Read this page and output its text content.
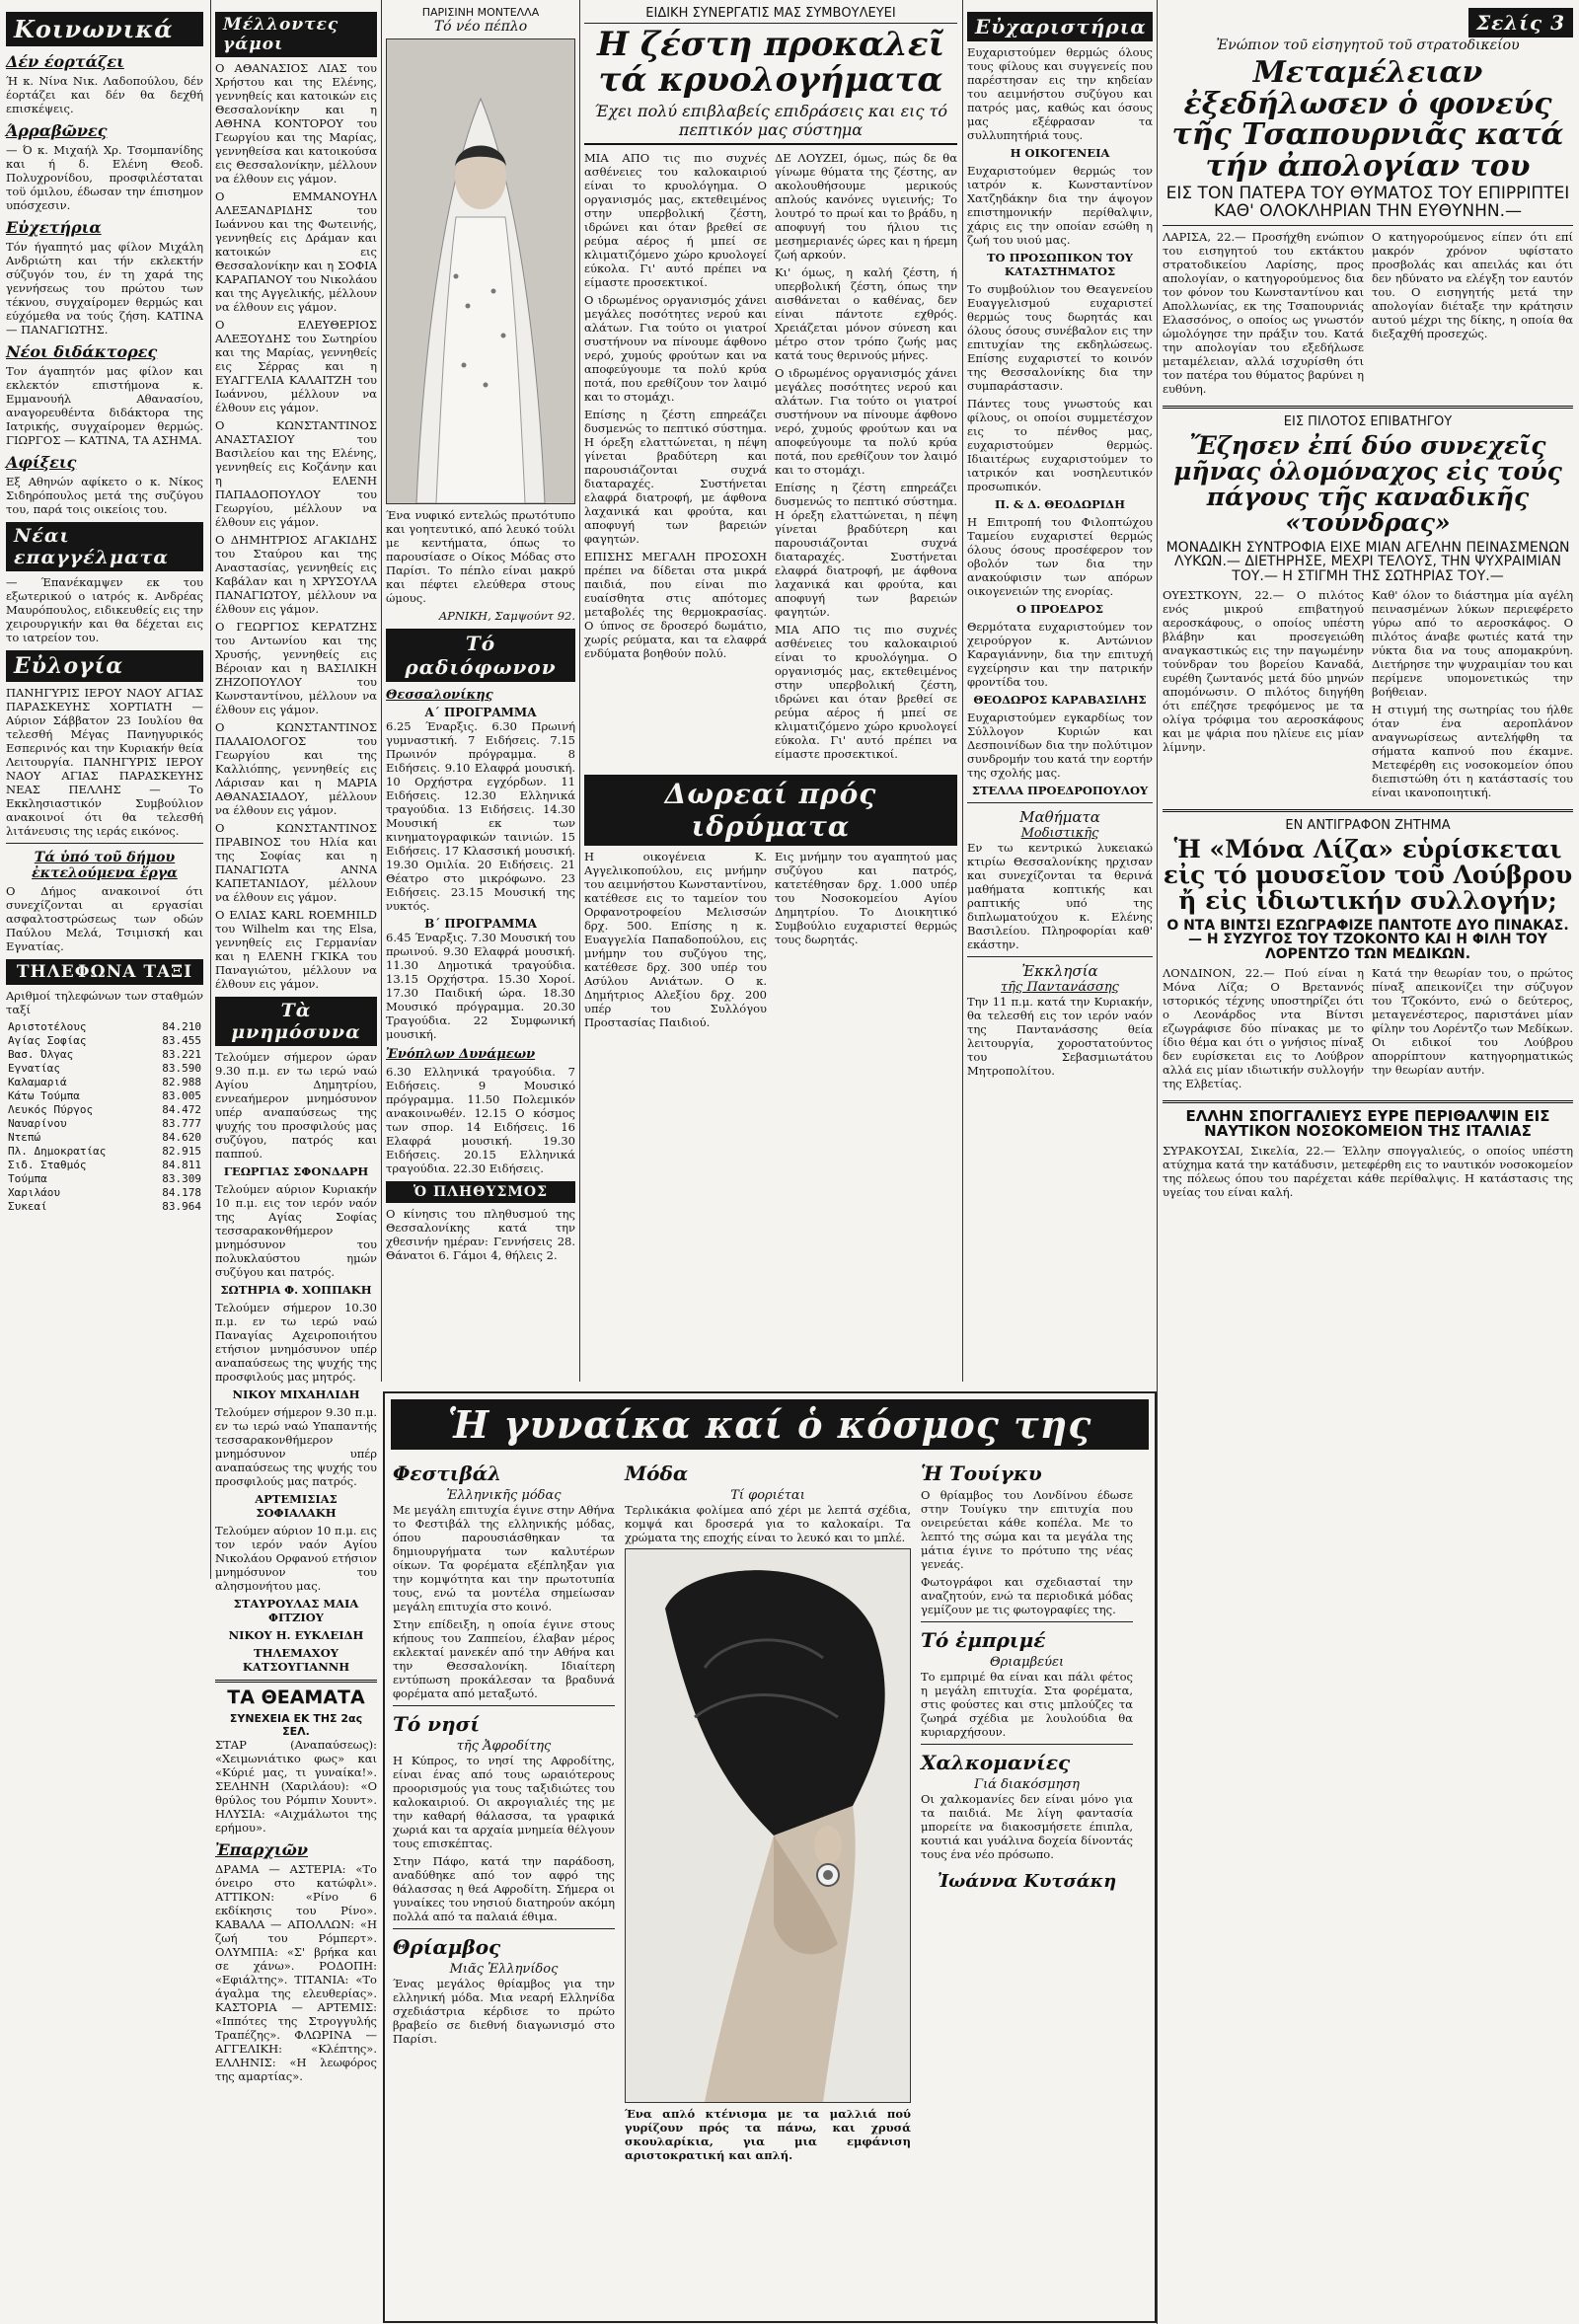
Κοινωνικά
Δέν έορτάζει

Ή κ. Νίνα Νικ. Λαδοπούλου, δέν έορτάζει και δέν θα δεχθή επισκέψεις.

Άρραβῶνες

— Ό κ. Μιχαήλ Χρ. Τσομπανίδης και ή δ. Ελένη Θεοδ. Πολυχρονίδου, προσφιλέσταται τοϋ όμιλου, έδωσαν την έπισημον υπόσχεσιν.

Εὐχετήρια

Τόν ήγαπητό μας φίλον Μιχάλη Ανδριώτη και τήν εκλεκτήν σύζυγόν του, έν τη χαρά της γεννήσεως του πρώτου των τέκνου, συγχαίρομεν θερμώς και εύχόμεθα να τούς ζήση. ΚΑΤΙΝΑ — ΠΑΝΑΓΙΩΤΗΣ.

Νέοι διδάκτορες

Τον άγαπητόν μας φίλον και εκλεκτόν επιστήμονα κ. Εμμανουήλ Αθανασίου, αναγορευθέντα διδάκτορα της Ιατρικής, συγχαίρομεν θερμώς. ΓΙΩΡΓΟΣ — ΚΑΤΙΝΑ, ΤΑ ΑΣΗΜΑ.

Αφίξεις

Εξ Αθηνών αφίκετο ο κ. Νίκος Σιδηρόπουλος μετά της συζύγου του, παρά τοις οικείοις του.

Νέαι επαγγέλματα

— Έπανέκαμψεν εκ του εξωτερικού ο ιατρός κ. Ανδρέας Μαυρόπουλος, ειδικευθείς εις την χειρουργικήν και θα δέχεται εις το ιατρείον του.

Εὐλογία

ΠΑΝΗΓΥΡΙΣ ΙΕΡΟΥ ΝΑΟΥ ΑΓΙΑΣ ΠΑΡΑΣΚΕΥΗΣ ΧΟΡΤΙΑΤΗ — Αύριον Σάββατον 23 Ιουλίου θα τελεσθή Μέγας Πανηγυρικός Εσπερινός και την Κυριακήν θεία Λειτουργία. ΠΑΝΗΓΥΡΙΣ ΙΕΡΟΥ ΝΑΟΥ ΑΓΙΑΣ ΠΑΡΑΣΚΕΥΗΣ ΝΕΑΣ ΠΕΛΛΗΣ — Το Εκκλησιαστικόν Συμβούλιον ανακοινοί ότι θα τελεσθή λιτάνευσις της ιεράς εικόνος.

Τά ὑπό τοῦ δήμου ἐκτελούμενα ἔργα

Ο Δήμος ανακοινοί ότι συνεχίζονται αι εργασίαι ασφαλτοστρώσεως των οδών Παύλου Μελά, Τσιμισκή και Εγνατίας.

ΤΗΛΕΦΩΝΑ ΤΑΞΙ

Αριθμοί τηλεφώνων των σταθμών ταξί

Αριστοτέλους	84.210
Αγίας Σοφίας	83.455
Βασ. Όλγας	83.221
Εγνατίας	83.590
Καλαμαριά	82.988
Κάτω Τούμπα	83.005
Λευκός Πύργος	84.472
Ναυαρίνου	83.777
Ντεπώ	84.620
Πλ. Δημοκρατίας	82.915
Σιδ. Σταθμός	84.811
Τούμπα	83.309
Χαριλάου	84.178
Συκεαί	83.964
Μέλλοντες γάμοι

Ο ΑΘΑΝΑΣΙΟΣ ΛΙΑΣ του Χρήστου και της Ελένης, γεννηθείς και κατοικών εις Θεσσαλονίκην και η ΑΘΗΝΑ ΚΟΝΤΟΡΟΥ του Γεωργίου και της Μαρίας, γεννηθείσα και κατοικούσα εις Θεσσαλονίκην, μέλλουν να έλθουν εις γάμον.

Ο ΕΜΜΑΝΟΥΗΛ ΑΛΕΞΑΝΔΡΙΔΗΣ του Ιωάννου και της Φωτεινής, γεννηθείς εις Δράμαν και κατοικών εις Θεσσαλονίκην και η ΣΟΦΙΑ ΚΑΡΑΠΑΝΟΥ του Νικολάου και της Αγγελικής, μέλλουν να έλθουν εις γάμον.

Ο ΕΛΕΥΘΕΡΙΟΣ ΑΛΕΞΟΥΔΗΣ του Σωτηρίου και της Μαρίας, γεννηθείς εις Σέρρας και η ΕΥΑΓΓΕΛΙΑ ΚΑΛΑΙΤΖΗ του Ιωάννου, μέλλουν να έλθουν εις γάμον.

Ο ΚΩΝΣΤΑΝΤΙΝΟΣ ΑΝΑΣΤΑΣΙΟΥ του Βασιλείου και της Ελένης, γεννηθείς εις Κοζάνην και η ΕΛΕΝΗ ΠΑΠΑΔΟΠΟΥΛΟΥ του Γεωργίου, μέλλουν να έλθουν εις γάμον.

Ο ΔΗΜΗΤΡΙΟΣ ΑΓΑΚΙΔΗΣ του Σταύρου και της Αναστασίας, γεννηθείς εις Καβάλαν και η ΧΡΥΣΟΥΛΑ ΠΑΝΑΓΙΩΤΟΥ, μέλλουν να έλθουν εις γάμον.

Ο ΓΕΩΡΓΙΟΣ ΚΕΡΑΤΖΗΣ του Αντωνίου και της Χρυσής, γεννηθείς εις Βέροιαν και η ΒΑΣΙΛΙΚΗ ΖΗΖΟΠΟΥΛΟΥ του Κωνσταντίνου, μέλλουν να έλθουν εις γάμον.

Ο ΚΩΝΣΤΑΝΤΙΝΟΣ ΠΑΛΑΙΟΛΟΓΟΣ του Γεωργίου και της Καλλιόπης, γεννηθείς εις Λάρισαν και η ΜΑΡΙΑ ΑΘΑΝΑΣΙΑΔΟΥ, μέλλουν να έλθουν εις γάμον.

Ο ΚΩΝΣΤΑΝΤΙΝΟΣ ΠΡΑΒΙΝΟΣ του Ηλία και της Σοφίας και η ΠΑΝΑΓΙΩΤΑ ΑΝΝΑ ΚΑΠΕΤΑΝΙΔΟΥ, μέλλουν να έλθουν εις γάμον.

Ο ΕΛΙΑΣ KARL ROEMHILD του Wilhelm και της Elsa, γεννηθείς εις Γερμανίαν και η ΕΛΕΝΗ ΓΚΙΚΑ του Παναγιώτου, μέλλουν να έλθουν εις γάμον.

Τὰ μνημόσυνα

Τελούμεν σήμερον ώραν 9.30 π.μ. εν τω ιερώ ναώ Αγίου Δημητρίου, εννεαήμερον μνημόσυνον υπέρ αναπαύσεως της ψυχής του προσφιλούς μας συζύγου, πατρός και παππού.

ΓΕΩΡΓΙΑΣ ΣΦΟΝΔΑΡΗ

Τελούμεν αύριον Κυριακήν 10 π.μ. εις τον ιερόν ναόν της Αγίας Σοφίας τεσσαρακονθήμερον μνημόσυνον του πολυκλαύστου ημών συζύγου και πατρός.

ΣΩΤΗΡΙΑ Φ. ΧΟΠΠΑΚΗ

Τελούμεν σήμερον 10.30 π.μ. εν τω ιερώ ναώ Παναγίας Αχειροποιήτου ετήσιον μνημόσυνον υπέρ αναπαύσεως της ψυχής της προσφιλούς μας μητρός.

ΝΙΚΟΥ ΜΙΧΑΗΛΙΔΗ

Τελούμεν σήμερον 9.30 π.μ. εν τω ιερώ ναώ Υπαπαντής τεσσαρακονθήμερον μνημόσυνον υπέρ αναπαύσεως της ψυχής του προσφιλούς μας πατρός.

ΑΡΤΕΜΙΣΙΑΣ ΣΟΦΙΑΛΑΚΗ

Τελούμεν αύριον 10 π.μ. εις τον ιερόν ναόν Αγίου Νικολάου Ορφανού ετήσιον μνημόσυνον του αλησμονήτου μας.

ΣΤΑΥΡΟΥΛΑΣ ΜΑΙΑ ΦΙΤΖΙΟΥ

ΝΙΚΟΥ Η. ΕΥΚΛΕΙΔΗ

ΤΗΛΕΜΑΧΟΥ ΚΑΤΣΟΥΓΙΑΝΝΗ

ΤΑ ΘΕΑΜΑΤΑ
ΣΥΝΕΧΕΙΑ ΕΚ ΤΗΣ 2ας ΣΕΛ.

ΣΤΑΡ (Αναπαύσεως): «Χειμωνιάτικο φως» και «Κύριέ μας, τι γυναίκα!». ΣΕΛΗΝΗ (Χαριλάου): «Ο θρύλος του Ρόμπιν Χουντ». ΗΛΥΣΙΑ: «Αιχμάλωτοι της ερήμου».

Ἐπαρχιῶν

ΔΡΑΜΑ — ΑΣΤΕΡΙΑ: «Το όνειρο στο κατώφλι». ΑΤΤΙΚΟΝ: «Ρίνο 6 εκδίκησις του Ρίνο». ΚΑΒΑΛΑ — ΑΠΟΛΛΩΝ: «Η ζωή του Ρόμπερτ». ΟΛΥΜΠΙΑ: «Σ' βρήκα και σε χάνω». ΡΟΔΟΠΗ: «Εφιάλτης». ΤΙΤΑΝΙΑ: «Το άγαλμα της ελευθερίας». ΚΑΣΤΟΡΙΑ — ΑΡΤΕΜΙΣ: «Ιππότες της Στρογγυλής Τραπέζης». ΦΛΩΡΙΝΑ — ΑΓΓΕΛΙΚΗ: «Κλέπτης». ΕΛΛΗΝΙΣ: «Η λεωφόρος της αμαρτίας».

ΠΑΡΙΣΙΝΗ ΜΟΝΤΕΛΛΑ
Τό νέο πέπλο

Ένα νυφικό εντελώς πρωτότυπο και γοητευτικό, από λευκό τούλι με κεντήματα, όπως το παρουσίασε ο Οίκος Μόδας στο Παρίσι. Το πέπλο είναι μακρύ και πέφτει ελεύθερα στους ώμους.

ΑΡΝΙΚΗ, Σαμψούντ 92.

Τό ραδιόφωνον
Θεσσαλονίκης
Α΄ ΠΡΟΓΡΑΜΜΑ

6.25 Έναρξις. 6.30 Πρωινή γυμναστική. 7 Ειδήσεις. 7.15 Πρωινόν πρόγραμμα. 8 Ειδήσεις. 9.10 Ελαφρά μουσική. 10 Ορχήστρα εγχόρδων. 11 Ειδήσεις. 12.30 Ελληνικά τραγούδια. 13 Ειδήσεις. 14.30 Μουσική εκ των κινηματογραφικών ταινιών. 15 Ειδήσεις. 17 Κλασσική μουσική. 19.30 Ομιλία. 20 Ειδήσεις. 21 Θέατρο στο μικρόφωνο. 23 Ειδήσεις. 23.15 Μουσική της νυκτός.

Β΄ ΠΡΟΓΡΑΜΜΑ

6.45 Έναρξις. 7.30 Μουσική του πρωινού. 9.30 Ελαφρά μουσική. 11.30 Δημοτικά τραγούδια. 13.15 Ορχήστρα. 15.30 Χοροί. 17.30 Παιδική ώρα. 18.30 Μουσικό πρόγραμμα. 20.30 Τραγούδια. 22 Συμφωνική μουσική.

Ἐνόπλων Δυνάμεων

6.30 Ελληνικά τραγούδια. 7 Ειδήσεις. 9 Μουσικό πρόγραμμα. 11.50 Πολεμικόν ανακοινωθέν. 12.15 Ο κόσμος των σπορ. 14 Ειδήσεις. 16 Ελαφρά μουσική. 19.30 Ειδήσεις. 20.15 Ελληνικά τραγούδια. 22.30 Ειδήσεις.

Ὁ ΠΛΗΘΥΣΜΟΣ

Ο κίνησις του πληθυσμού της Θεσσαλονίκης κατά την χθεσινήν ημέραν: Γεννήσεις 28. Θάνατοι 6. Γάμοι 4, θήλεις 2.

ΕΙΔΙΚΗ ΣΥΝΕΡΓΑΤΙΣ ΜΑΣ ΣΥΜΒΟΥΛΕΥΕΙ
Η ζέστη προκαλεῖ τά κρυολογήματα
Έχει πολύ επιβλαβείς επιδράσεις και εις τό πεπτικόν μας σύστημα

ΜΙΑ ΑΠΟ τις πιο συχνές ασθένειες του καλοκαιριού είναι το κρυολόγημα. Ο οργανισμός μας, εκτεθειμένος στην υπερβολική ζέστη, ιδρώνει και όταν βρεθεί σε ρεύμα αέρος ή μπεί σε κλιματιζόμενο χώρο κρυολογεί εύκολα. Γι' αυτό πρέπει να είμαστε προσεκτικοί.

Ο ιδρωμένος οργανισμός χάνει μεγάλες ποσότητες νερού και αλάτων. Για τούτο οι γιατροί συστήνουν να πίνουμε άφθονο νερό, χυμούς φρούτων και να αποφεύγουμε τα πολύ κρύα ποτά, που ερεθίζουν τον λαιμό και το στομάχι.

Επίσης η ζέστη επηρεάζει δυσμενώς το πεπτικό σύστημα. Η όρεξη ελαττώνεται, η πέψη γίνεται βραδύτερη και παρουσιάζονται συχνά διαταραχές. Συστήνεται ελαφρά διατροφή, με άφθονα λαχανικά και φρούτα, και αποφυγή των βαρειών φαγητών.

ΕΠΙΣΗΣ ΜΕΓΑΛΗ ΠΡΟΣΟΧΗ πρέπει να δίδεται στα μικρά παιδιά, που είναι πιο ευαίσθητα στις απότομες μεταβολές της θερμοκρασίας. Ο ύπνος σε δροσερό δωμάτιο, χωρίς ρεύματα, και τα ελαφρά ενδύματα βοηθούν πολύ.

ΔΕ ΛΟΥΖΕΙ, όμως, πώς δε θα γίνωμε θύματα της ζέστης, αν ακολουθήσουμε μερικούς απλούς κανόνες υγιεινής; Το λουτρό το πρωί και το βράδυ, η αποφυγή του ήλιου τις μεσημεριανές ώρες και η ήρεμη ζωή αρκούν.

Κι' όμως, η καλή ζέστη, ή υπερβολική ζέστη, όπως την αισθάνεται ο καθένας, δεν είναι πάντοτε εχθρός. Χρειάζεται μόνον σύνεση και μέτρο στον τρόπο ζωής μας κατά τους θερινούς μήνες.

Ο ιδρωμένος οργανισμός χάνει μεγάλες ποσότητες νερού και αλάτων. Για τούτο οι γιατροί συστήνουν να πίνουμε άφθονο νερό, χυμούς φρούτων και να αποφεύγουμε τα πολύ κρύα ποτά, που ερεθίζουν τον λαιμό και το στομάχι.

Επίσης η ζέστη επηρεάζει δυσμενώς το πεπτικό σύστημα. Η όρεξη ελαττώνεται, η πέψη γίνεται βραδύτερη και παρουσιάζονται συχνά διαταραχές. Συστήνεται ελαφρά διατροφή, με άφθονα λαχανικά και φρούτα, και αποφυγή των βαρειών φαγητών.

ΜΙΑ ΑΠΟ τις πιο συχνές ασθένειες του καλοκαιριού είναι το κρυολόγημα. Ο οργανισμός μας, εκτεθειμένος στην υπερβολική ζέστη, ιδρώνει και όταν βρεθεί σε ρεύμα αέρος ή μπεί σε κλιματιζόμενο χώρο κρυολογεί εύκολα. Γι' αυτό πρέπει να είμαστε προσεκτικοί.

Δωρεαί πρός ιδρύματα

Η οικογένεια Κ. Αγγελικοπούλου, εις μνήμην του αειμνήστου Κωνσταντίνου, κατέθεσε εις το ταμείον του Ορφανοτροφείου Μελισσών δρχ. 500. Επίσης η κ. Ευαγγελία Παπαδοπούλου, εις μνήμην του συζύγου της, κατέθεσε δρχ. 300 υπέρ του Ασύλου Ανιάτων. Ο κ. Δημήτριος Αλεξίου δρχ. 200 υπέρ του Συλλόγου Προστασίας Παιδιού.

Εις μνήμην του αγαπητού μας συζύγου και πατρός, κατετέθησαν δρχ. 1.000 υπέρ του Νοσοκομείου Αγίου Δημητρίου. Το Διοικητικό Συμβούλιο ευχαριστεί θερμώς τους δωρητάς.

Εὐχαριστήρια

Ευχαριστούμεν θερμώς όλους τους φίλους και συγγενείς που παρέστησαν εις την κηδείαν του αειμνήστου συζύγου και πατρός μας, καθώς και όσους μας εξέφρασαν τα συλλυπητήριά τους.

Η ΟΙΚΟΓΕΝΕΙΑ

Ευχαριστούμεν θερμώς τον ιατρόν κ. Κωνσταντίνον Χατζηδάκην δια την άψογον επιστημονικήν περίθαλψιν, χάρις εις την οποίαν εσώθη η ζωή του υιού μας.

ΤΟ ΠΡΟΣΩΠΙΚΟΝ ΤΟΥ ΚΑΤΑΣΤΗΜΑΤΟΣ

Το συμβούλιον του Θεαγενείου Ευαγγελισμού ευχαριστεί θερμώς τους δωρητάς και όλους όσους συνέβαλον εις την επιτυχίαν της εκδηλώσεως. Επίσης ευχαριστεί το κοινόν της Θεσσαλονίκης δια την συμπαράστασιν.

Πάντες τους γνωστούς και φίλους, οι οποίοι συμμετέσχον εις το πένθος μας, ευχαριστούμεν θερμώς. Ιδιαιτέρως ευχαριστούμεν το ιατρικόν και νοσηλευτικόν προσωπικόν.

Π. & Δ. ΘΕΟΔΩΡΙΔΗ

Η Επιτροπή του Φιλοπτώχου Ταμείου ευχαριστεί θερμώς όλους όσους προσέφερον τον οβολόν των δια την ανακούφισιν των απόρων οικογενειών της ενορίας.

Ο ΠΡΟΕΔΡΟΣ

Θερμότατα ευχαριστούμεν τον χειρούργον κ. Αντώνιον Καραγιάννην, δια την επιτυχή εγχείρησιν και την πατρικήν φροντίδα του.

ΘΕΟΔΩΡΟΣ ΚΑΡΑΒΑΣΙΛΗΣ

Ευχαριστούμεν εγκαρδίως τον Σύλλογον Κυριών και Δεσποινίδων δια την πολύτιμον συνδρομήν του κατά την εορτήν της σχολής μας.

ΣΤΕΛΛΑ ΠΡΟΕΔΡΟΠΟΥΛΟΥ

Μαθήματα
Μοδιστικῆς

Εν τω κεντρικώ λυκειακώ κτιρίω Θεσσαλονίκης ηρχισαν και συνεχίζονται τα θερινά μαθήματα κοπτικής και ραπτικής υπό της διπλωματούχου κ. Ελένης Βασιλείου. Πληροφορίαι καθ' εκάστην.

Ἐκκλησία
τῆς Παντανάσσης

Την 11 π.μ. κατά την Κυριακήν, θα τελεσθή εις τον ιερόν ναόν της Παντανάσσης θεία λειτουργία, χοροστατούντος του Σεβασμιωτάτου Μητροπολίτου.

Σελίς 3
Ἐνώπιον τοῦ εἰσηγητοῦ τοῦ στρατοδικείου
Μεταμέλειαν ἐξεδήλωσεν ὁ φονεύς τῆς Τσαπουρνιᾶς κατά τήν ἀπολογίαν του
ΕΙΣ ΤΟΝ ΠΑΤΕΡΑ ΤΟΥ ΘΥΜΑΤΟΣ ΤΟΥ ΕΠΙΡΡΙΠΤΕΙ ΚΑΘ' ΟΛΟΚΛΗΡΙΑΝ ΤΗΝ ΕΥΘΥΝΗΝ.—

ΛΑΡΙΣΑ, 22.— Προσήχθη ενώπιον του εισηγητού του εκτάκτου στρατοδικείου Λαρίσης, προς απολογίαν, ο κατηγορούμενος δια τον φόνον του Κωνσταντίνου και Απολλωνίας, εκ της Τσαπουρνιάς Ελασσόνος, ο οποίος ως γνωστόν ώμολόγησε την πράξιν του. Κατά την απολογίαν του εξεδήλωσε μεταμέλειαν, αλλά ισχυρίσθη ότι τον πατέρα του θύματος βαρύνει η ευθύνη.

Ο κατηγορούμενος είπεν ότι επί μακρόν χρόνον υφίστατο προσβολάς και απειλάς και ότι δεν ηδύνατο να ελέγξη τον εαυτόν του. Ο εισηγητής μετά την απολογίαν διέταξε την κράτησιν αυτού μέχρι της δίκης, η οποία θα διεξαχθή προσεχώς.

ΕΙΣ ΠΙΛΟΤΟΣ ΕΠΙΒΑΤΗΓΟΥ
Ἔζησεν ἐπί δύο συνεχεῖς μῆνας ὁλομόναχος εἰς τούς πάγους τῆς καναδικῆς «τούνδρας»
ΜΟΝΑΔΙΚΗ ΣΥΝΤΡΟΦΙΑ ΕΙΧΕ ΜΙΑΝ ΑΓΕΛΗΝ ΠΕΙΝΑΣΜΕΝΩΝ ΛΥΚΩΝ.— ΔΙΕΤΗΡΗΣΕ, ΜΕΧΡΙ ΤΕΛΟΥΣ, ΤΗΝ ΨΥΧΡΑΙΜΙΑΝ ΤΟΥ.— Η ΣΤΙΓΜΗ ΤΗΣ ΣΩΤΗΡΙΑΣ ΤΟΥ.—

ΟΥΕΣΤΚΟΥΝ, 22.— Ο πιλότος ενός μικρού επιβατηγού αεροσκάφους, ο οποίος υπέστη βλάβην και προσεγειώθη αναγκαστικώς εις την παγωμένην τούνδραν του βορείου Καναδά, ευρέθη ζωντανός μετά δύο μηνών απομόνωσιν. Ο πιλότος διηγήθη ότι επέζησε τρεφόμενος με τα ολίγα τρόφιμα του αεροσκάφους και με ψάρια που ηλίευε εις μίαν λίμνην.

Καθ' όλον το διάστημα μία αγέλη πεινασμένων λύκων περιεφέρετο γύρω από το αεροσκάφος. Ο πιλότος άναβε φωτιές κατά την νύκτα δια να τους απομακρύνη. Διετήρησε την ψυχραιμίαν του και περίμενε υπομονετικώς την βοήθειαν.

Η στιγμή της σωτηρίας του ήλθε όταν ένα αεροπλάνον αναγνωρίσεως αντελήφθη τα σήματα καπνού που έκαμνε. Μετεφέρθη εις νοσοκομείον όπου διεπιστώθη ότι η κατάστασίς του είναι ικανοποιητική.

ΕΝ ΑΝΤΙΓΡΑΦΟΝ ΖΗΤΗΜΑ
Ἡ «Μόνα Λίζα» εὑρίσκεται εἰς τό μουσεῖον τοῦ Λούβρου ἤ εἰς ἰδιωτικήν συλλογήν;
Ο ΝΤΑ ΒΙΝΤΣΙ ΕΖΩΓΡΑΦΙΖΕ ΠΑΝΤΟΤΕ ΔΥΟ ΠΙΝΑΚΑΣ.— Η ΣΥΖΥΓΟΣ ΤΟΥ ΤΖΟΚΟΝΤΟ ΚΑΙ Η ΦΙΛΗ ΤΟΥ ΛΟΡΕΝΤΖΟ ΤΩΝ ΜΕΔΙΚΩΝ.

ΛΟΝΔΙΝΟΝ, 22.— Πού είναι η Μόνα Λίζα; Ο Βρεταννός ιστορικός τέχνης υποστηρίζει ότι ο Λεονάρδος ντα Βίντσι εζωγράφισε δύο πίνακας με το ίδιο θέμα και ότι ο γνήσιος πίναξ δεν ευρίσκεται εις το Λούβρον αλλά εις μίαν ιδιωτικήν συλλογήν της Ελβετίας.

Κατά την θεωρίαν του, ο πρώτος πίναξ απεικονίζει την σύζυγον του Τζοκόντο, ενώ ο δεύτερος, μεταγενέστερος, παριστάνει μίαν φίλην του Λορέντζο των Μεδίκων. Οι ειδικοί του Λούβρου απορρίπτουν κατηγορηματικώς την θεωρίαν αυτήν.

ΕΛΛΗΝ ΣΠΟΓΓΑΛΙΕΥΣ ΕΥΡΕ ΠΕΡΙΘΑΛΨΙΝ ΕΙΣ ΝΑΥΤΙΚΟΝ ΝΟΣΟΚΟΜΕΙΟΝ ΤΗΣ ΙΤΑΛΙΑΣ

ΣΥΡΑΚΟΥΣΑΙ, Σικελία, 22.— Έλλην σπογγαλιεύς, ο οποίος υπέστη ατύχημα κατά την κατάδυσιν, μετεφέρθη εις το ναυτικόν νοσοκομείον της πόλεως όπου του παρέχεται κάθε περίθαλψις. Η κατάστασις της υγείας του είναι καλή.

Ἡ γυναίκα καί ὁ κόσμος της
Φεστιβάλ
Ἑλληνικῆς μόδας

Με μεγάλη επιτυχία έγινε στην Αθήνα το Φεστιβάλ της ελληνικής μόδας, όπου παρουσιάσθηκαν τα δημιουργήματα των καλυτέρων οίκων. Τα φορέματα εξέπληξαν για την κομψότητα και την πρωτοτυπία τους, ενώ τα μοντέλα σημείωσαν μεγάλη επιτυχία στο κοινό.

Στην επίδειξη, η οποία έγινε στους κήπους του Ζαππείου, έλαβαν μέρος εκλεκταί μανεκέν από την Αθήνα και την Θεσσαλονίκη. Ιδιαίτερη εντύπωση προκάλεσαν τα βραδυνά φορέματα από μεταξωτό.

Τό νησί
τῆς Ἀφροδίτης

Η Κύπρος, το νησί της Αφροδίτης, είναι ένας από τους ωραιότερους προορισμούς για τους ταξιδιώτες του καλοκαιριού. Οι ακρογιαλιές της με την καθαρή θάλασσα, τα γραφικά χωριά και τα αρχαία μνημεία θέλγουν τους επισκέπτας.

Στην Πάφο, κατά την παράδοση, αναδύθηκε από τον αφρό της θάλασσας η θεά Αφροδίτη. Σήμερα οι γυναίκες του νησιού διατηρούν ακόμη πολλά από τα παλαιά έθιμα.

Θρίαμβος
Μιᾶς Ἑλληνίδος

Ένας μεγάλος θρίαμβος για την ελληνική μόδα. Μια νεαρή Ελληνίδα σχεδιάστρια κέρδισε το πρώτο βραβείο σε διεθνή διαγωνισμό στο Παρίσι.

Μόδα
Τί φοριέται

Τερλικάκια φολίμεα από χέρι με λεπτά σχέδια, κομψά και δροσερά για το καλοκαίρι. Τα χρώματα της εποχής είναι το λευκό και το μπλέ.

Ένα απλό κτένισμα με τα μαλλιά πού γυρίζουν πρός τα πάνω, και χρυσά σκουλαρίκια, για μια εμφάνιση αριστοκρατική και απλή.

Ἡ Τουίγκυ

Ο θρίαμβος του Λονδίνου έδωσε στην Τουίγκυ την επιτυχία που ονειρεύεται κάθε κοπέλα. Με το λεπτό της σώμα και τα μεγάλα της μάτια έγινε το πρότυπο της νέας γενεάς.

Φωτογράφοι και σχεδιασταί την αναζητούν, ενώ τα περιοδικά μόδας γεμίζουν με τις φωτογραφίες της.

Τό ἐμπριμέ
Θριαμβεύει

Το εμπριμέ θα είναι και πάλι φέτος η μεγάλη επιτυχία. Στα φορέματα, στις φούστες και στις μπλούζες τα ζωηρά σχέδια με λουλούδια θα κυριαρχήσουν.

Χαλκομανίες
Γιά διακόσμηση

Οι χαλκομανίες δεν είναι μόνο για τα παιδιά. Με λίγη φαντασία μπορείτε να διακοσμήσετε έπιπλα, κουτιά και γυάλινα δοχεία δίνοντάς τους ένα νέο πρόσωπο.

Ἰωάννα Κυτσάκη
